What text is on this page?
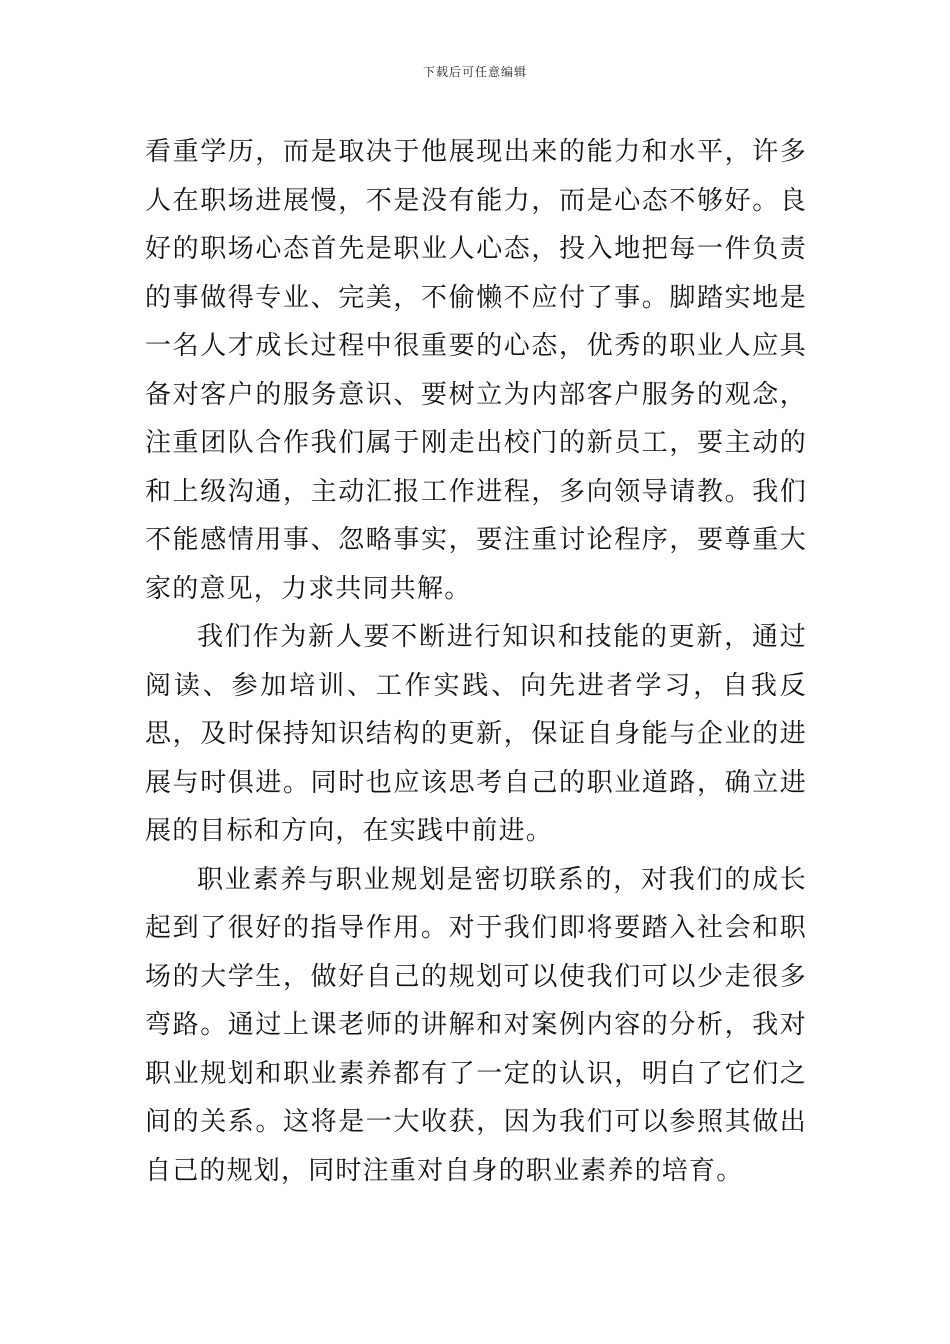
下载后可任意编辑

看重学历，而是取决于他展现出来的能力和水平，许多人在职场进展慢，不是没有能力，而是心态不够好。良好的职场心态首先是职业人心态，投入地把每一件负责的事做得专业、完美，不偷懒不应付了事。脚踏实地是一名人才成长过程中很重要的心态，优秀的职业人应具备对客户的服务意识、要树立为内部客户服务的观念，注重团队合作我们属于刚走出校门的新员工，要主动的和上级沟通，主动汇报工作进程，多向领导请教。我们不能感情用事、忽略事实，要注重讨论程序，要尊重大家的意见，力求共同共解。

我们作为新人要不断进行知识和技能的更新，通过阅读、参加培训、工作实践、向先进者学习，自我反思，及时保持知识结构的更新，保证自身能与企业的进展与时俱进。同时也应该思考自己的职业道路，确立进展的目标和方向，在实践中前进。

职业素养与职业规划是密切联系的，对我们的成长起到了很好的指导作用。对于我们即将要踏入社会和职场的大学生，做好自己的规划可以使我们可以少走很多弯路。通过上课老师的讲解和对案例内容的分析，我对职业规划和职业素养都有了一定的认识，明白了它们之间的关系。这将是一大收获，因为我们可以参照其做出自己的规划，同时注重对自身的职业素养的培育。
